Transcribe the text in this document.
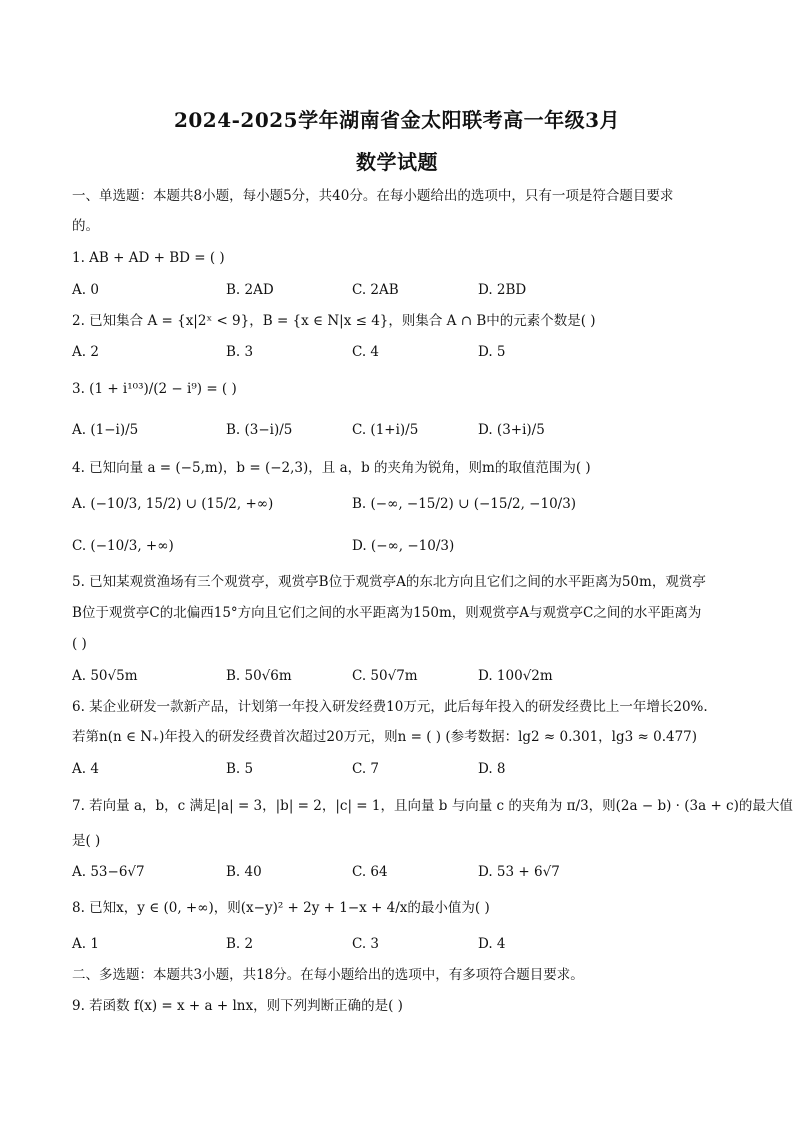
2024-2025学年湖南省金太阳联考高一年级3月
数学试题
一、单选题：本题共8小题，每小题5分，共40分。在每小题给出的选项中，只有一项是符合题目要求
的。
1. AB + AD + BD = ( )
A. 0	B. 2AD	C. 2AB	D. 2BD
2. 已知集合 A = {x|2ˣ < 9}，B = {x ∈ N|x ≤ 4}，则集合 A ∩ B中的元素个数是( )
A. 2	B. 3	C. 4	D. 5
3. (1 + i¹⁰³)/(2 − i⁹) = ( )
A. (1−i)/5	B. (3−i)/5	C. (1+i)/5	D. (3+i)/5
4. 已知向量 a = (−5,m)，b = (−2,3)，且 a，b 的夹角为锐角，则m的取值范围为( )
A. (−10/3, 15/2) ∪ (15/2, +∞)	B. (−∞, −15/2) ∪ (−15/2, −10/3)
C. (−10/3, +∞)	D. (−∞, −10/3)
5. 已知某观赏渔场有三个观赏亭，观赏亭B位于观赏亭A的东北方向且它们之间的水平距离为50m，观赏亭
B位于观赏亭C的北偏西15°方向且它们之间的水平距离为150m，则观赏亭A与观赏亭C之间的水平距离为
( )
A. 50√5m	B. 50√6m	C. 50√7m	D. 100√2m
6. 某企业研发一款新产品，计划第一年投入研发经费10万元，此后每年投入的研发经费比上一年增长20%.
若第n(n ∈ N₊)年投入的研发经费首次超过20万元，则n = ( ) (参考数据：lg2 ≈ 0.301，lg3 ≈ 0.477)
A. 4	B. 5	C. 7	D. 8
7. 若向量 a，b，c 满足|a| = 3，|b| = 2，|c| = 1，且向量 b 与向量 c 的夹角为 π/3，则(2a − b) · (3a + c)的最大值
是( )
A. 53−6√7	B. 40	C. 64	D. 53 + 6√7
8. 已知x，y ∈ (0, +∞)，则(x−y)² + 2y + 1−x + 4/x的最小值为( )
A. 1	B. 2	C. 3	D. 4
二、多选题：本题共3小题，共18分。在每小题给出的选项中，有多项符合题目要求。
9. 若函数 f(x) = x + a + lnx，则下列判断正确的是( )
